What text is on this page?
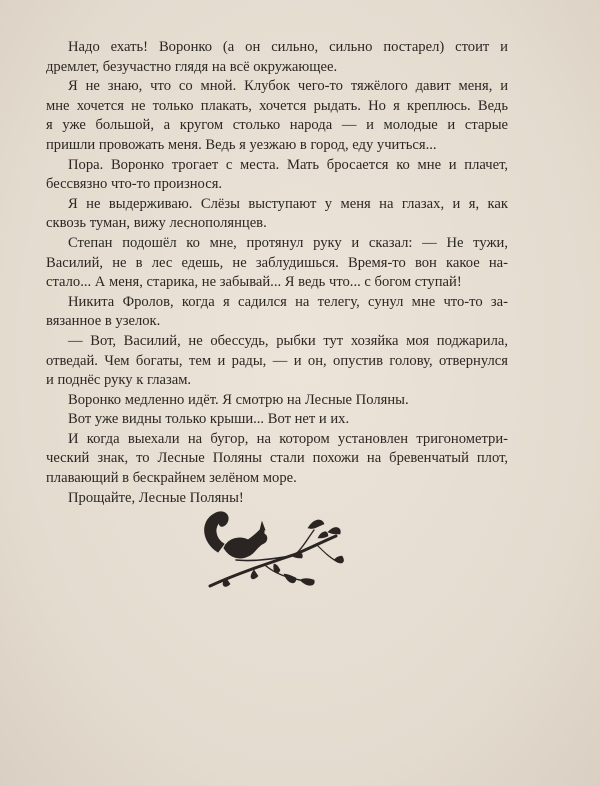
Надо ехать! Воронко (а он сильно, сильно постарел) стоит и
дремлет, безучастно глядя на всё окружающее.

Я не знаю, что со мной. Клубок чего-то тяжёлого давит меня, и
мне хочется не только плакать, хочется рыдать. Но я креплюсь. Ведь
я уже большой, а кругом столько народа — и молодые и старые
пришли провожать меня. Ведь я уезжаю в город, еду учиться...

Пора. Воронко трогает с места. Мать бросается ко мне и плачет,
бессвязно что-то произнося.

Я не выдерживаю. Слёзы выступают у меня на глазах, и я, как
сквозь туман, вижу леснополянцев.

Степан подошёл ко мне, протянул руку и сказал: — Не тужи,
Василий, не в лес едешь, не заблудишься. Время-то вон какое на-
стало... А меня, старика, не забывай... Я ведь что... с богом ступай!

Никита Фролов, когда я садился на телегу, сунул мне что-то за-
вязанное в узелок.

— Вот, Василий, не обессудь, рыбки тут хозяйка моя поджарила,
отведай. Чем богаты, тем и рады, — и он, опустив голову, отвернулся
и поднёс руку к глазам.

Воронко медленно идёт. Я смотрю на Лесные Поляны.

Вот уже видны только крыши... Вот нет и их.

И когда выехали на бугор, на котором установлен тригонометри-
ческий знак, то Лесные Поляны стали похожи на бревенчатый плот,
плавающий в бескрайнем зелёном море.

Прощайте, Лесные Поляны!
